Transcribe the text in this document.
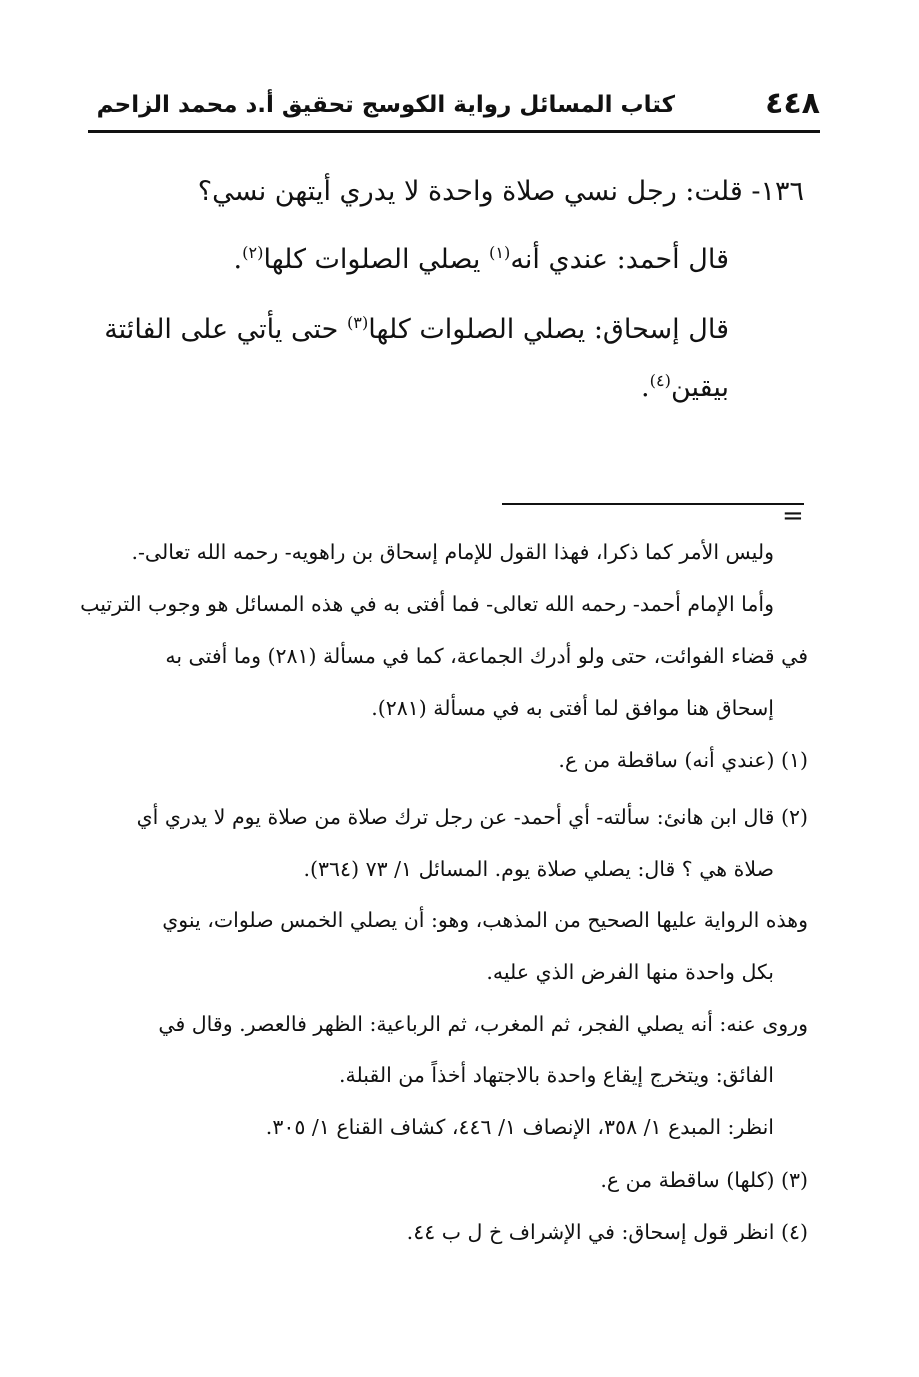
٤٤٨
كتاب المسائل رواية الكوسج تحقيق أ.د محمد الزاحم
١٣٦- قلت: رجل نسي صلاة واحدة لا يدري أيتهن نسي؟
قال أحمد: عندي أنه$^{(١)}$ يصلي الصلوات كلها$^{(٢)}$.
قال إسحاق: يصلي الصلوات كلها$^{(٣)}$ حتى يأتي على الفائتة
بيقين$^{(٤)}$.
=
وليس الأمر كما ذكرا، فهذا القول للإمام إسحاق بن راهويه- رحمه الله تعالى-.
وأما الإمام أحمد- رحمه الله تعالى- فما أفتى به في هذه المسائل هو وجوب الترتيب
في قضاء الفوائت، حتى ولو أدرك الجماعة، كما في مسألة (٢٨١) وما أفتى به
إسحاق هنا موافق لما أفتى به في مسألة (٢٨١).
(١) (عندي أنه) ساقطة من ع.
(٢) قال ابن هانئ: سألته- أي أحمد- عن رجل ترك صلاة من صلاة يوم لا يدري أي
صلاة هي ؟ قال: يصلي صلاة يوم. المسائل ١/ ٧٣ (٣٦٤).
وهذه الرواية عليها الصحيح من المذهب، وهو: أن يصلي الخمس صلوات، ينوي
بكل واحدة منها الفرض الذي عليه.
وروى عنه: أنه يصلي الفجر، ثم المغرب، ثم الرباعية: الظهر فالعصر. وقال في
الفائق: ويتخرج إيقاع واحدة بالاجتهاد أخذاً من القبلة.
انظر: المبدع ١/ ٣٥٨، الإنصاف ١/ ٤٤٦، كشاف القناع ١/ ٣٠٥.
(٣) (كلها) ساقطة من ع.
(٤) انظر قول إسحاق: في الإشراف خ ل ب ٤٤.
